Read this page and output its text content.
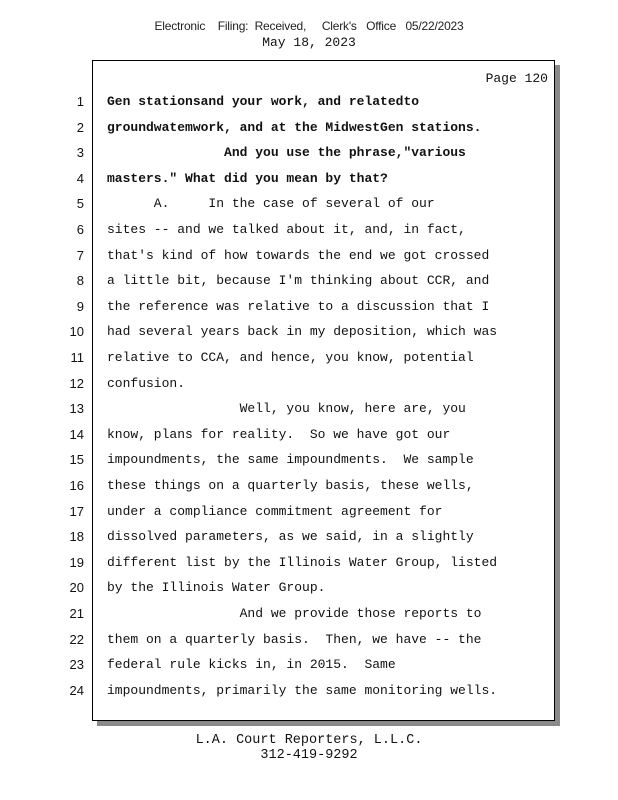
Electronic    Filing:  Received,     Clerk's   Office   05/22/2023
May 18, 2023
Page 120
1 Gen stationsand your work, and relatedto
2 groundwatemwork, and at the MidwestGen stations.
3 And you use the phrase,"various
4 masters." What did you mean by that?
5 A.     In the case of several of our
6 sites -- and we talked about it, and, in fact,
7 that's kind of how towards the end we got crossed
8 a little bit, because I'm thinking about CCR, and
9 the reference was relative to a discussion that I
10 had several years back in my deposition, which was
11 relative to CCA, and hence, you know, potential
12 confusion.
13 Well, you know, here are, you
14 know, plans for reality.  So we have got our
15 impoundments, the same impoundments.  We sample
16 these things on a quarterly basis, these wells,
17 under a compliance commitment agreement for
18 dissolved parameters, as we said, in a slightly
19 different list by the Illinois Water Group, listed
20 by the Illinois Water Group.
21 And we provide those reports to
22 them on a quarterly basis.  Then, we have -- the
23 federal rule kicks in, in 2015.  Same
24 impoundments, primarily the same monitoring wells.
L.A. Court Reporters, L.L.C.
312-419-9292
